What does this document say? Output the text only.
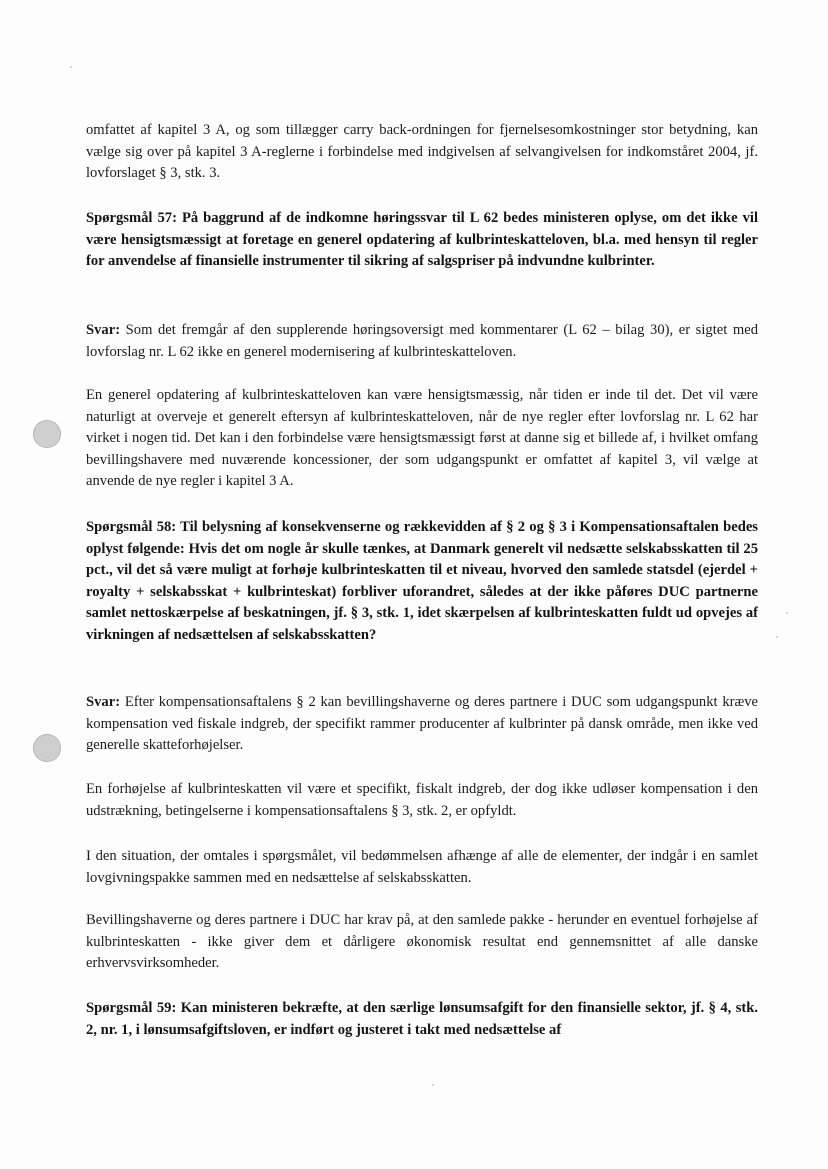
omfattet af kapitel 3 A, og som tillægger carry back-ordningen for fjernelsesomkostninger stor betydning, kan vælge sig over på kapitel 3 A-reglerne i forbindelse med indgivelsen af selvangivelsen for indkomståret 2004, jf. lovforslaget § 3, stk. 3.

Spørgsmål 57: På baggrund af de indkomne høringssvar til L 62 bedes ministeren oplyse, om det ikke vil være hensigtsmæssigt at foretage en generel opdatering af kulbrinteskatteloven, bl.a. med hensyn til regler for anvendelse af finansielle instrumenter til sikring af salgspriser på indvundne kulbrinter.

Svar: Som det fremgår af den supplerende høringsoversigt med kommentarer (L 62 – bilag 30), er sigtet med lovforslag nr. L 62 ikke en generel modernisering af kulbrinteskatteloven.

En generel opdatering af kulbrinteskatteloven kan være hensigtsmæssig, når tiden er inde til det. Det vil være naturligt at overveje et generelt eftersyn af kulbrinteskatteloven, når de nye regler efter lovforslag nr. L 62 har virket i nogen tid. Det kan i den forbindelse være hensigtsmæssigt først at danne sig et billede af, i hvilket omfang bevillingshavere med nuværende koncessioner, der som udgangspunkt er omfattet af kapitel 3, vil vælge at anvende de nye regler i kapitel 3 A.

Spørgsmål 58: Til belysning af konsekvenserne og rækkevidden af § 2 og § 3 i Kompensationsaftalen bedes oplyst følgende: Hvis det om nogle år skulle tænkes, at Danmark generelt vil nedsætte selskabsskatten til 25 pct., vil det så være muligt at forhøje kulbrinteskatten til et niveau, hvorved den samlede statsdel (ejerdel + royalty + selskabsskat + kulbrinteskat) forbliver uforandret, således at der ikke påføres DUC partnerne samlet nettoskærpelse af beskatningen, jf. § 3, stk. 1, idet skærpelsen af kulbrinteskatten fuldt ud opvejes af virkningen af nedsættelsen af selskabsskatten?

Svar: Efter kompensationsaftalens § 2 kan bevillingshaverne og deres partnere i DUC som udgangspunkt kræve kompensation ved fiskale indgreb, der specifikt rammer producenter af kulbrinter på dansk område, men ikke ved generelle skatteforhøjelser.

En forhøjelse af kulbrinteskatten vil være et specifikt, fiskalt indgreb, der dog ikke udløser kompensation i den udstrækning, betingelserne i kompensationsaftalens § 3, stk. 2, er opfyldt.

I den situation, der omtales i spørgsmålet, vil bedømmelsen afhænge af alle de elementer, der indgår i en samlet lovgivningspakke sammen med en nedsættelse af selskabsskatten.

Bevillingshaverne og deres partnere i DUC har krav på, at den samlede pakke - herunder en eventuel forhøjelse af kulbrinteskatten - ikke giver dem et dårligere økonomisk resultat end gennemsnittet af alle danske erhvervsvirksomheder.

Spørgsmål 59: Kan ministeren bekræfte, at den særlige lønsumsafgift for den finansielle sektor, jf. § 4, stk. 2, nr. 1, i lønsumsafgiftsloven, er indført og justeret i takt med nedsættelse af
